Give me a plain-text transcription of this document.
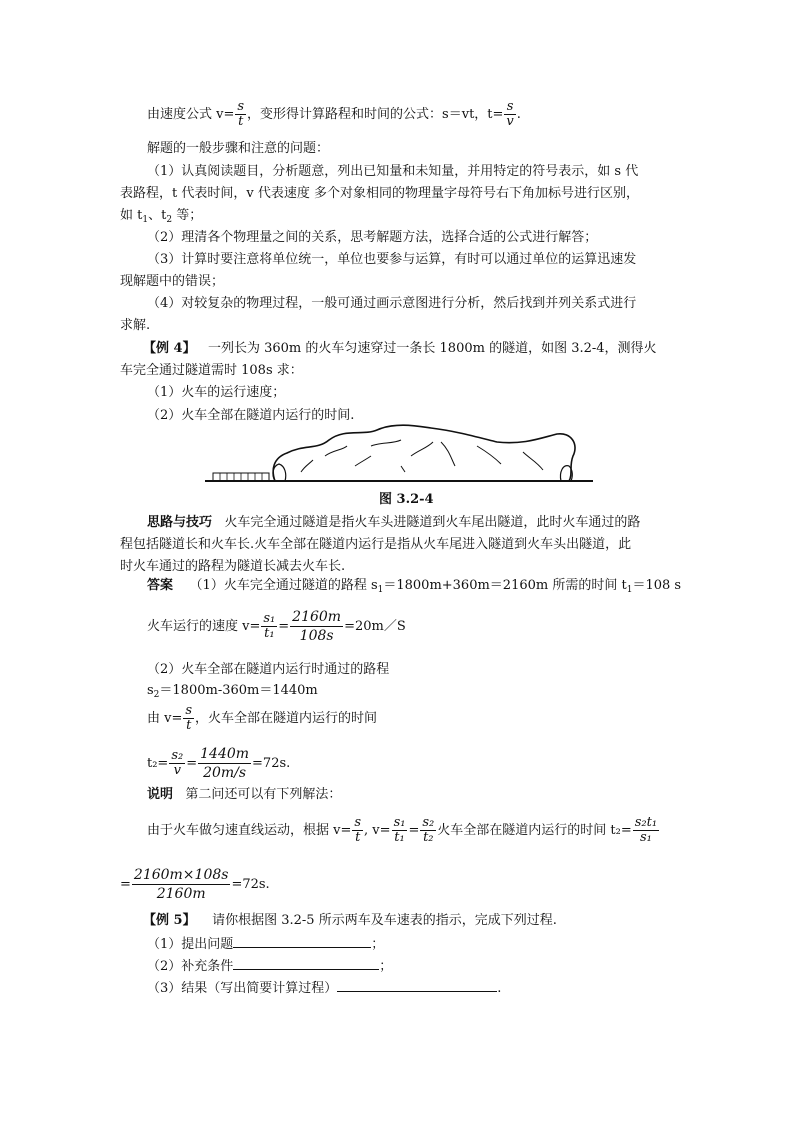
由速度公式 $v= \frac{s}{t}$ ，变形得计算路程和时间的公式：s＝vt，$t= \frac{s}{v}$ .
解题的一般步骤和注意的问题：
（1）认真阅读题目，分析题意，列出已知量和未知量，并用特定的符号表示，如 s 代
表路程，t 代表时间，v 代表速度 多个对象相同的物理量字母符号右下角加标号进行区别，
如 $t_1$、$t_2$ 等；
（2）理清各个物理量之间的关系，思考解题方法，选择合适的公式进行解答；
（3）计算时要注意将单位统一，单位也要参与运算，有时可以通过单位的运算迅速发
现解题中的错误；
（4）对较复杂的物理过程，一般可通过画示意图进行分析，然后找到并列关系式进行
求解.
【例 4】 一列长为 360m 的火车匀速穿过一条长 1800m 的隧道，如图 3.2-4，测得火
车完全通过隧道需时 108s 求：
（1）火车的运行速度；
（2）火车全部在隧道内运行的时间.
图 3.2-4
思路与技巧 火车完全通过隧道是指火车头进隧道到火车尾出隧道，此时火车通过的路
程包括隧道长和火车长.火车全部在隧道内运行是指从火车尾进入隧道到火车头出隧道，此
时火车通过的路程为隧道长减去火车长.
答案 （1）火车完全通过隧道的路程 $s_1=1800m+360m=2160m$ 所需的时间 $t_1=108$ s
火车运行的速度 $v= \frac{\text{s₁}}{\text{t₁}} = \frac{2160m}{108s}$ =20m／S
（2）火车全部在隧道内运行时通过的路程
$s_2=1800m-360m=1440m$
由 $v= \frac{s}{t}$ ，火车全部在隧道内运行的时间
$t_2= \frac{\text{s₂}}{v} = \frac{1440m}{20m/s} =72s$.
说明 第二问还可以有下列解法：
由于火车做匀速直线运动，根据 $v= \frac{s}{t}$ , $v= \frac{\text{s₁}}{\text{t₁}} = \frac{\text{s₂}}{\text{t₂}}$ 火车全部在隧道内运行的时间 $t_2= \frac{\text{s₂t₁}}{\text{s₁}}$
= $\frac{2160m\times 108s}{2160m} =72s$.
【例 5】 请你根据图 3.2-5 所示两车及车速表的指示，完成下列过程.
（1）提出问题	；
（2）补充条件	；
（3）结果（写出简要计算过程）	.
